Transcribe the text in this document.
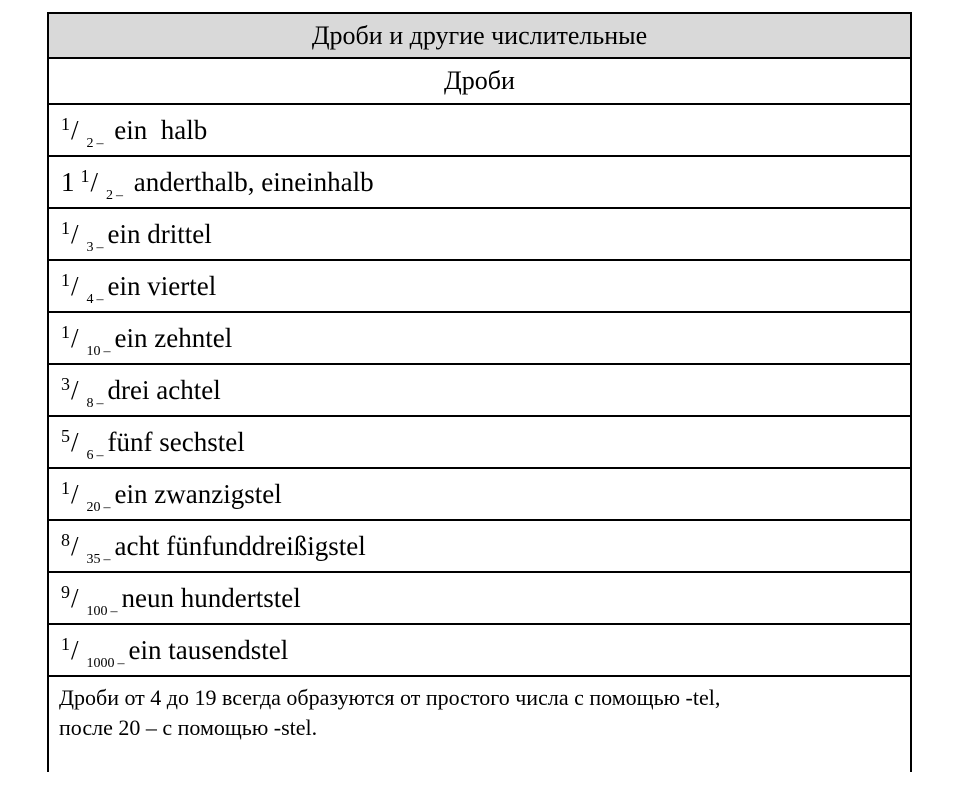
Дроби и другие числительные
Дроби
$^1$/ $_2$ $_-$ ein  halb
1 $^1$/ $_2$ $_-$ anderthalb, eineinhalb
$^1$/ $_3$ $_-$ ein drittel
$^1$/ $_4$ $_-$ ein viertel
$^1$/ $_{10}$ $_-$ ein zehntel
$^3$/ $_8$ $_-$ drei achtel
$^5$/ $_6$ $_-$ fünf sechstel
$^1$/ $_{20}$ $_-$ ein zwanzigstel
$^8$/ $_{35}$ $_-$ acht fünfunddreißigstel
$^9$/ $_{100}$ $_-$ neun hundertstel
$^1$/ $_{1000}$ $_-$ ein tausendstel
Дроби от 4 до 19 всегда образуются от простого числа с помощью -tel,
после 20 – с помощью -stel.
